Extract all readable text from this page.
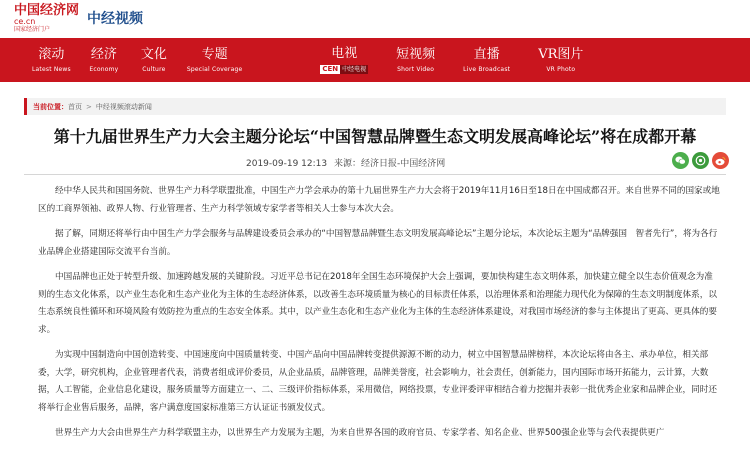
中国经济网
ce.cn
国家经济门户
中经视频
滚动
Latest News
经济
Economy
文化
Culture
专题
Special Coverage
电视
CEN 中经电视
短视频
Short Video
直播
Live Broadcast
VR图片
VR Photo
当前位置： 首页 > 中经视频滚动新闻
第十九届世界生产力大会主题分论坛“中国智慧品牌暨生态文明发展高峰论坛”将在成都开幕
2019-09-19 12:13 来源：经济日报-中国经济网

经中华人民共和国国务院、世界生产力科学联盟批准，中国生产力学会承办的第十九届世界生产力大会将于2019年11月16日至18日在中国成都召开。来自世界不同的国家或地区的工商界领袖、政界人物、行业管理者、生产力科学领域专家学者等相关人士参与本次大会。

据了解，同期还将举行由中国生产力学会服务与品牌建设委员会承办的“中国智慧品牌暨生态文明发展高峰论坛”主题分论坛，本次论坛主题为“品牌强国　智者先行”，将为各行业品牌企业搭建国际交流平台当前。

中国品牌也正处于转型升级、加速跨越发展的关键阶段。习近平总书记在2018年全国生态环境保护大会上强调，要加快构建生态文明体系，加快建立健全以生态价值观念为准则的生态文化体系，以产业生态化和生态产业化为主体的生态经济体系，以改善生态环境质量为核心的目标责任体系，以治理体系和治理能力现代化为保障的生态文明制度体系，以生态系统良性循环和环境风险有效防控为重点的生态安全体系。其中，以产业生态化和生态产业化为主体的生态经济体系建设，对我国市场经济的参与主体提出了更高、更具体的要求。

为实现中国制造向中国创造转变、中国速度向中国质量转变、中国产品向中国品牌转变提供源源不断的动力，树立中国智慧品牌榜样，本次论坛将由各主、承办单位，相关部委，大学，研究机构，企业管理者代表，消费者组成评价委员，从企业品质，品牌管理，品牌美誉度，社会影响力，社会责任，创新能力，国内国际市场开拓能力，云计算，大数据，人工智能，企业信息化建设，服务质量等方面建立一、二、三级评价指标体系，采用微信，网络投票，专业评委评审相结合着力挖掘并表彰一批优秀企业家和品牌企业，同时还将举行企业售后服务，品牌，客户满意度国家标准第三方认证证书颁发仪式。

世界生产力大会由世界生产力科学联盟主办，以世界生产力发展为主题，为来自世界各国的政府官员、专家学者、知名企业、世界500强企业等与会代表提供更广
